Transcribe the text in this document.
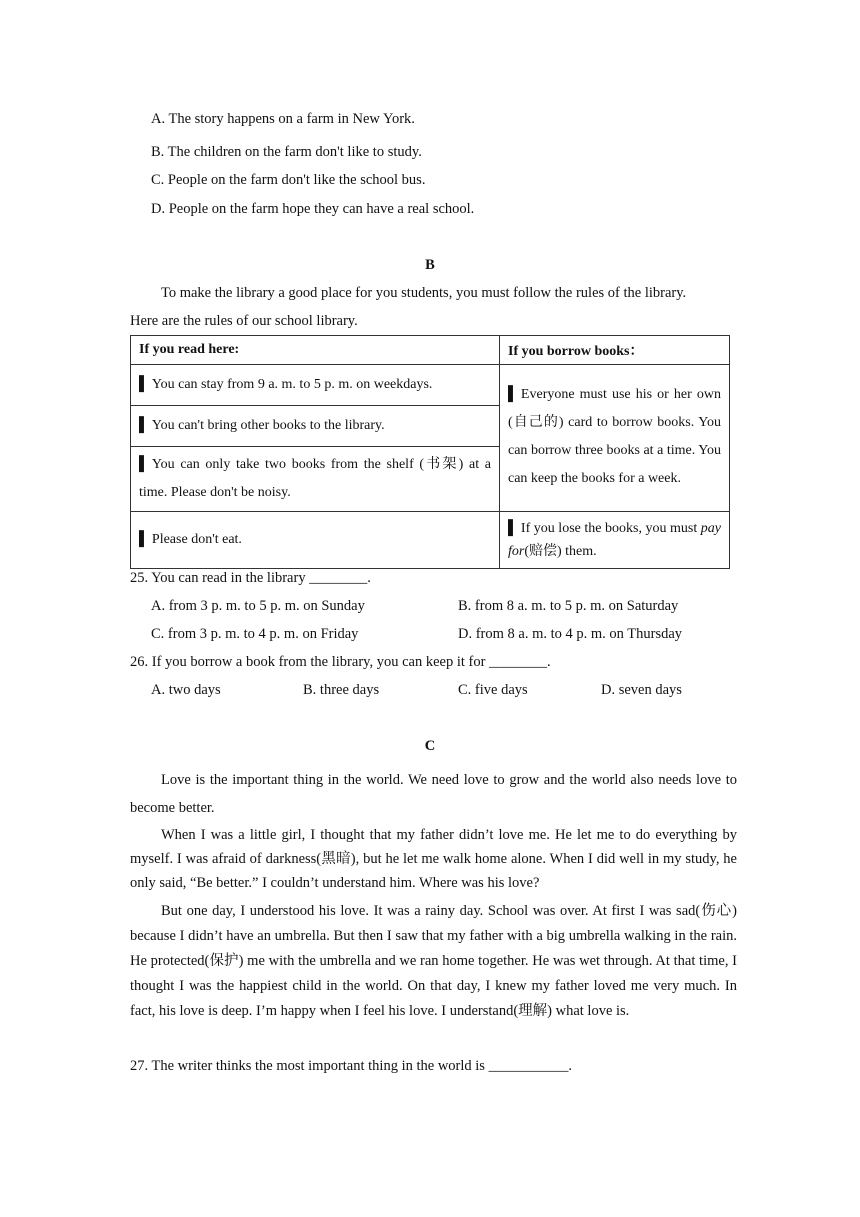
A. The story happens on a farm in New York.
B. The children on the farm don't like to study.
C. People on the farm don't like the school bus.
D. People on the farm hope they can have a real school.
B
To make the library a good place for you students, you must follow the rules of the library.
Here are the rules of our school library.
If you read here:	If you borrow books：
▌ You can stay from 9 a. m. to 5 p. m. on weekdays.	▌ Everyone must use his or her own (自己的) card to borrow books. You can borrow three books at a time. You can keep the books for a week.
▌ You can't bring other books to the library.	
▌ You can only take two books from the shelf (书架) at a time. Please don't be noisy.	
▌ Please don't eat.	▌ If you lose the books, you must pay for(赔偿) them.
25. You can read in the library ________.
A. from 3 p. m. to 5 p. m. on Sunday	B. from 8 a. m. to 5 p. m. on Saturday
C. from 3 p. m. to 4 p. m. on Friday	D. from 8 a. m. to 4 p. m. on Thursday
26. If you borrow a book from the library, you can keep it for ________.
A. two days	B. three days	C. five days	D. seven days
C
Love is the important thing in the world. We need love to grow and the world also needs love to become better.
When I was a little girl, I thought that my father didn’t love me. He let me to do everything by myself. I was afraid of darkness(黑暗), but he let me walk home alone. When I did well in my study, he only said, “Be better.” I couldn’t understand him. Where was his love?
But one day, I understood his love. It was a rainy day. School was over. At first I was sad(伤心) because I didn’t have an umbrella. But then I saw that my father with a big umbrella walking in the rain. He protected(保护) me with the umbrella and we ran home together. He was wet through. At that time, I thought I was the happiest child in the world. On that day, I knew my father loved me very much. In fact, his love is deep. I’m happy when I feel his love. I understand(理解) what love is.
27. The writer thinks the most important thing in the world is ___________.
